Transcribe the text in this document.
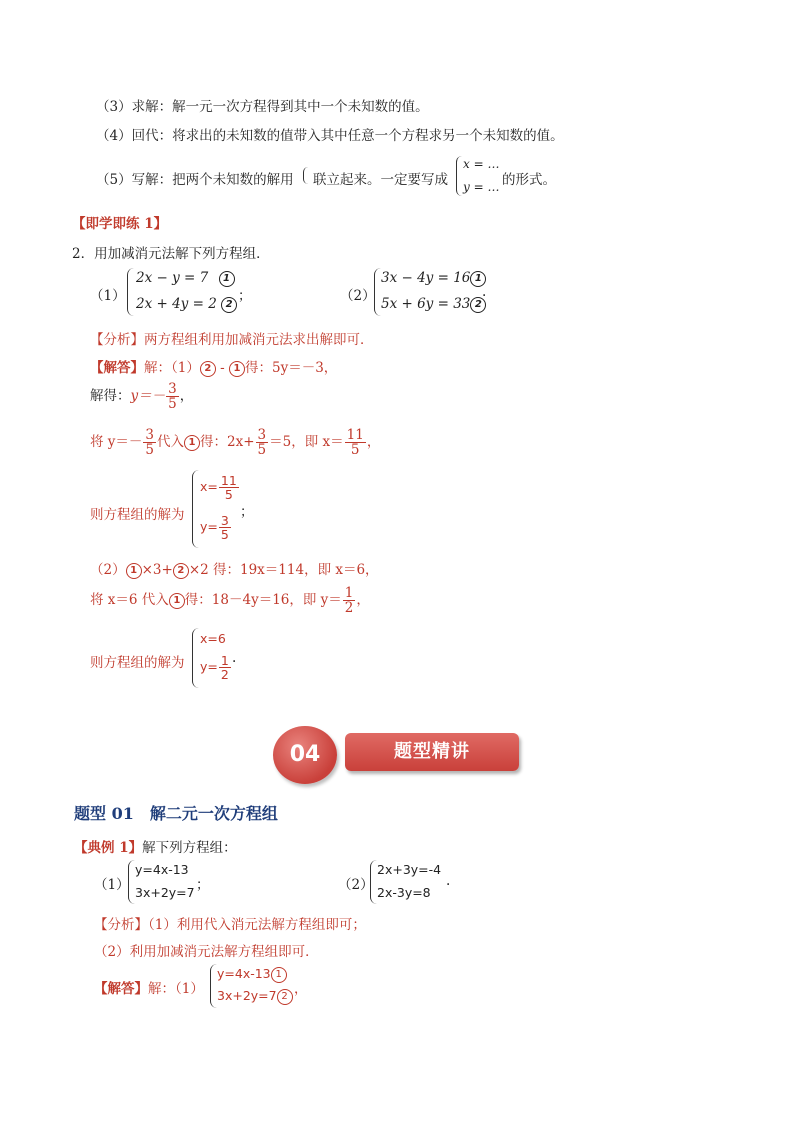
（3）求解：解一元一次方程得到其中一个未知数的值。
（4）回代：将求出的未知数的值带入其中任意一个方程求另一个未知数的值。
（5）写解：把两个未知数的解用 联立起来。一定要写成
x = …
y = … 的形式。
【即学即练 1】
2．用加减消元法解下列方程组．
（1）
2x − y = 7 1
2x + 4y = 2 2 ；	（2）
3x − 4y = 16 1
5x + 6y = 33 2
.
【分析】两方程组利用加减消元法求出解即可．
【解答】解：（1） 2 - 1 得：5y＝－3，
解得：$y=- \frac{3}{5}$ ，
将 $y=- \frac{3}{5}$ 代入 1 得：$2x+ \frac{3}{5} =5$，即 $x= \frac{11}{5}$ ，
则方程组的解为
$x= \frac{11}{5}$
$y= \frac{3}{5}$
；
（2） 1 ×3+ 2 ×2 得：19x＝114，即 x＝6，
将 x＝6 代入 1 得：18－4y＝16，即 $y= \frac{1}{2}$ ，
则方程组的解为
x=6
$y= \frac{1}{2}$ .
04	题型精讲
题型 01　解二元一次方程组
【典例 1】解下列方程组：
（1）
y=4x-13
3x+2y=7 ；	（2）
2x+3y=-4
2x-3y=8
.
【分析】（1）利用代入消元法解方程组即可；
（2）利用加减消元法解方程组即可．
【解答】解：（1）
y=4x-13 1
3x+2y=7 2 ，
